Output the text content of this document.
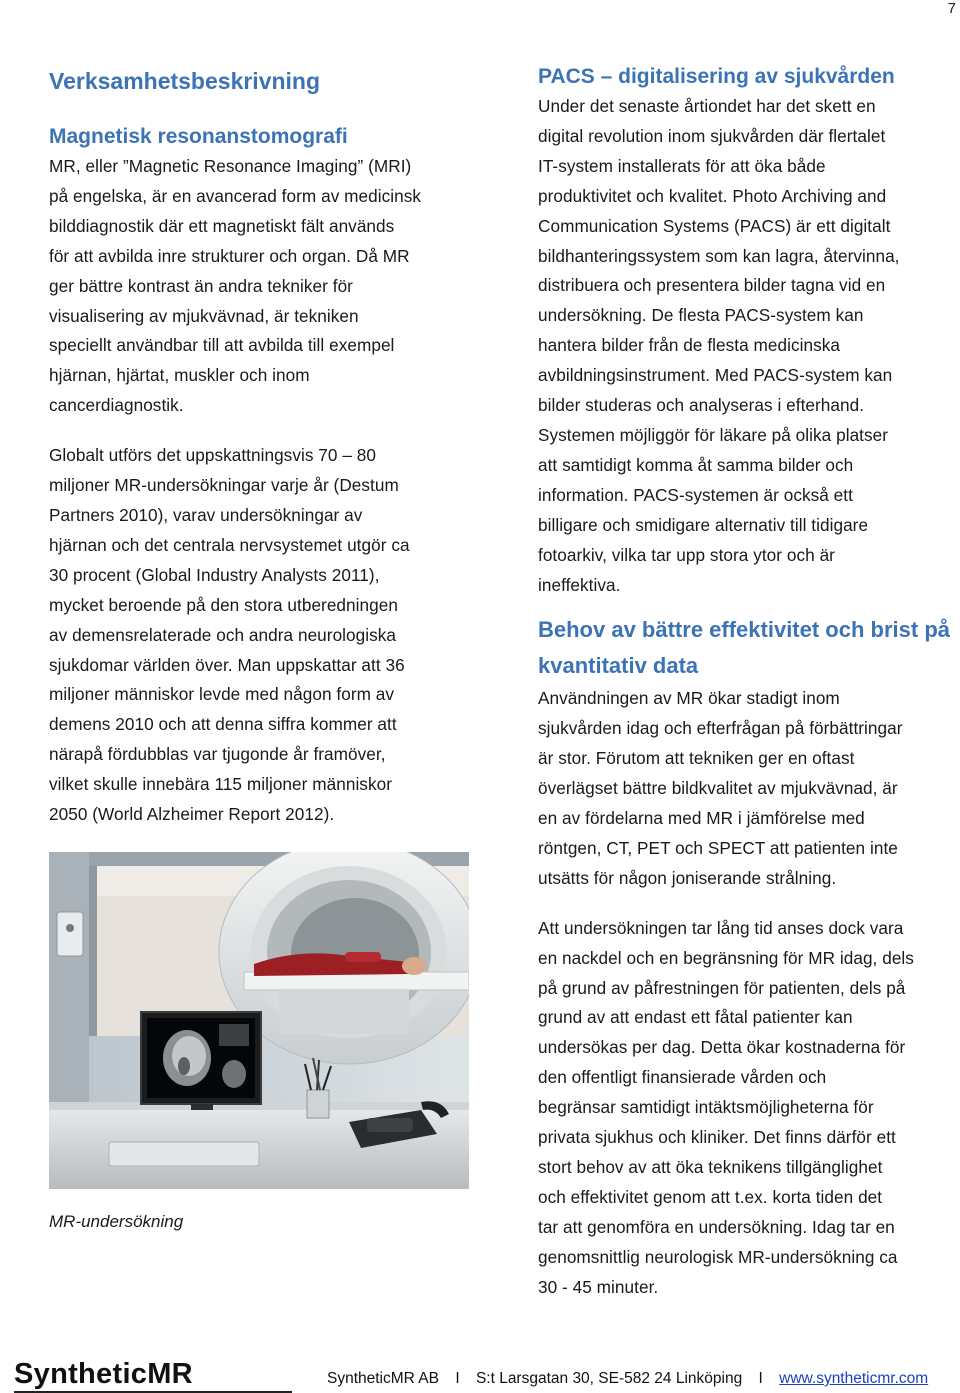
7
Verksamhetsbeskrivning
Magnetisk resonanstomografi

MR, eller ”Magnetic Resonance Imaging” (MRI)

på engelska, är en avancerad form av medicinsk

bilddiagnostik där ett magnetiskt fält används

för att avbilda inre strukturer och organ. Då MR

ger bättre kontrast än andra tekniker för

visualisering av mjukvävnad, är tekniken

speciellt användbar till att avbilda till exempel

hjärnan, hjärtat, muskler och inom

cancerdiagnostik.

Globalt utförs det uppskattningsvis 70 – 80

miljoner MR-undersökningar varje år (Destum

Partners 2010), varav undersökningar av

hjärnan och det centrala nervsystemet utgör ca

30 procent (Global Industry Analysts 2011),

mycket beroende på den stora utberedningen

av demensrelaterade och andra neurologiska

sjukdomar världen över. Man uppskattar att 36

miljoner människor levde med någon form av

demens 2010 och att denna siffra kommer att

närapå fördubblas var tjugonde år framöver,

vilket skulle innebära 115 miljoner människor

2050 (World Alzheimer Report 2012).

MR-undersökning
PACS – digitalisering av sjukvården

Under det senaste årtiondet har det skett en

digital revolution inom sjukvården där flertalet

IT-system installerats för att öka både

produktivitet och kvalitet. Photo Archiving and

Communication Systems (PACS) är ett digitalt

bildhanteringssystem som kan lagra, återvinna,

distribuera och presentera bilder tagna vid en

undersökning. De flesta PACS-system kan

hantera bilder från de flesta medicinska

avbildningsinstrument. Med PACS-system kan

bilder studeras och analyseras i efterhand.

Systemen möjliggör för läkare på olika platser

att samtidigt komma åt samma bilder och

information. PACS-systemen är också ett

billigare och smidigare alternativ till tidigare

fotoarkiv, vilka tar upp stora ytor och är

ineffektiva.

Behov av bättre effektivitet och brist på
kvantitativ data

Användningen av MR ökar stadigt inom

sjukvården idag och efterfrågan på förbättringar

är stor. Förutom att tekniken ger en oftast

överlägset bättre bildkvalitet av mjukvävnad, är

en av fördelarna med MR i jämförelse med

röntgen, CT, PET och SPECT att patienten inte

utsätts för någon joniserande strålning.

Att undersökningen tar lång tid anses dock vara

en nackdel och en begränsning för MR idag, dels

på grund av påfrestningen för patienten, dels på

grund av att endast ett fåtal patienter kan

undersökas per dag. Detta ökar kostnaderna för

den offentligt finansierade vården och

begränsar samtidigt intäktsmöjligheterna för

privata sjukhus och kliniker. Det finns därför ett

stort behov av att öka teknikens tillgänglighet

och effektivitet genom att t.ex. korta tiden det

tar att genomföra en undersökning. Idag tar en

genomsnittlig neurologisk MR-undersökning ca

30 - 45 minuter.

SyntheticMR	SyntheticMR AB I S:t Larsgatan 30, SE-582 24 Linköping I www.syntheticmr.com
